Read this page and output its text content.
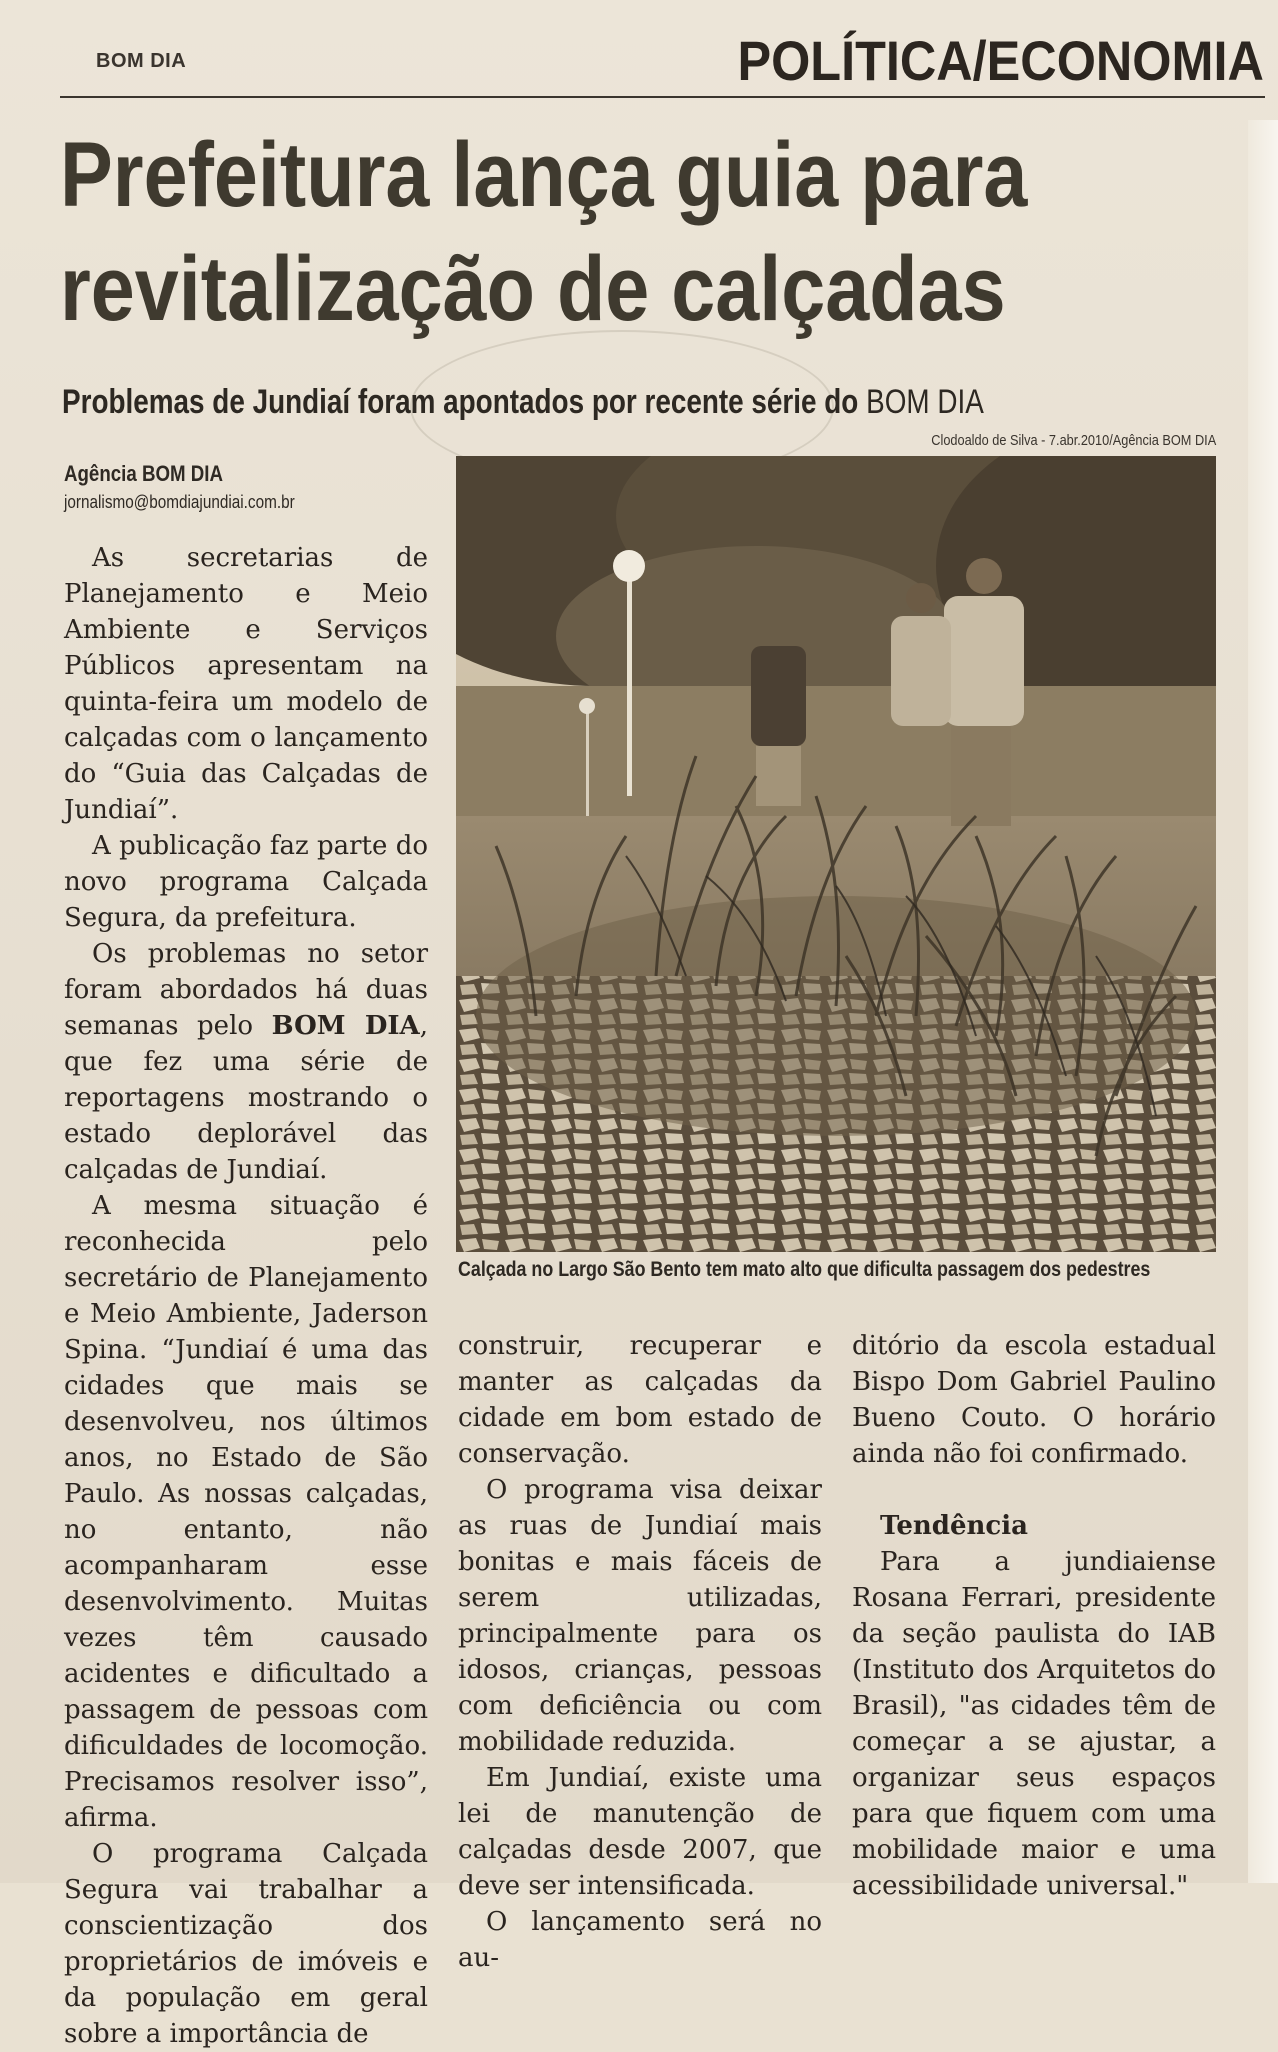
BOM DIA	POLÍTICA/ECONOMIA
Prefeitura lança guia para
revitalização de calçadas
Problemas de Jundiaí foram apontados por recente série do BOM DIA
Clodoaldo de Silva - 7.abr.2010/Agência BOM DIA
Agência BOM DIA
jornalismo@bomdiajundiai.com.br

As secretarias de Planejamento e Meio Ambiente e Serviços Públicos apresentam na quinta-feira um modelo de calçadas com o lançamento do “Guia das Calçadas de Jundiaí”.

A publicação faz parte do novo programa Calçada Segura, da prefeitura.

Os problemas no setor foram abordados há duas semanas pelo BOM DIA, que fez uma série de reportagens mostrando o estado deplorável das calçadas de Jundiaí.

A mesma situação é reconhecida pelo secretário de Planejamento e Meio Ambiente, Jaderson Spina. “Jundiaí é uma das cidades que mais se desenvolveu, nos últimos anos, no Estado de São Paulo. As nossas calçadas, no entanto, não acompanharam esse desenvolvimento. Muitas vezes têm causado acidentes e dificultado a passagem de pessoas com dificuldades de locomoção. Precisamos resolver isso”, afirma.

O programa Calçada Segura vai trabalhar a conscientização dos proprietários de imóveis e da população em geral sobre a importância de

Calçada no Largo São Bento tem mato alto que dificulta passagem dos pedestres

construir, recuperar e manter as calçadas da cidade em bom estado de conservação.

O programa visa deixar as ruas de Jundiaí mais bonitas e mais fáceis de serem utilizadas, principalmente para os idosos, crianças, pessoas com deficiência ou com mobilidade reduzida.

Em Jundiaí, existe uma lei de manutenção de calçadas desde 2007, que deve ser intensificada.

O lançamento será no au-

ditório da escola estadual Bispo Dom Gabriel Paulino Bueno Couto. O horário ainda não foi confirmado.

Tendência

Para a jundiaiense Rosana Ferrari, presidente da seção paulista do IAB (Instituto dos Arquitetos do Brasil), "as cidades têm de começar a se ajustar, a organizar seus espaços para que fiquem com uma mobilidade maior e uma acessibilidade universal."
